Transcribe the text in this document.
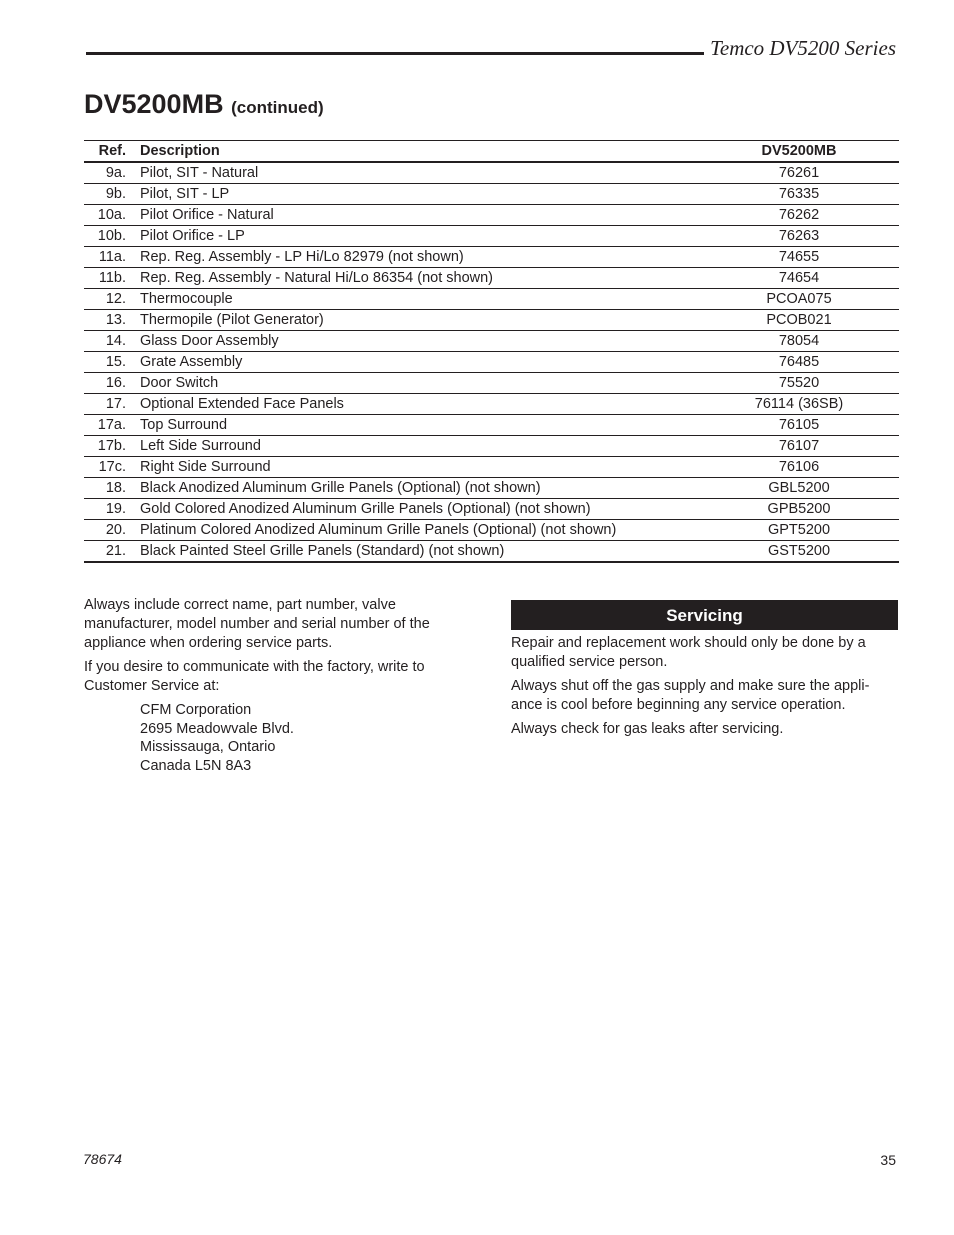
Temco DV5200 Series
DV5200MB (continued)
Ref.	Description	DV5200MB
9a.	Pilot, SIT - Natural	76261
9b.	Pilot, SIT - LP	76335
10a.	Pilot Orifice - Natural	76262
10b.	Pilot Orifice - LP	76263
11a.	Rep. Reg. Assembly - LP Hi/Lo 82979 (not shown)	74655
11b.	Rep. Reg. Assembly - Natural Hi/Lo 86354 (not shown)	74654
12.	Thermocouple	PCOA075
13.	Thermopile (Pilot Generator)	PCOB021
14.	Glass Door Assembly	78054
15.	Grate Assembly	76485
16.	Door Switch	75520
17.	Optional Extended Face Panels	76114 (36SB)
17a.	Top Surround	76105
17b.	Left Side Surround	76107
17c.	Right Side Surround	76106
18.	Black Anodized Aluminum Grille Panels (Optional) (not shown)	GBL5200
19.	Gold Colored Anodized Aluminum Grille Panels (Optional) (not shown)	GPB5200
20.	Platinum Colored Anodized Aluminum Grille Panels (Optional) (not shown)	GPT5200
21.	Black Painted Steel Grille Panels (Standard) (not shown)	GST5200

Always include correct name, part number, valve manufacturer, model number and serial number of the appliance when ordering service parts.

If you desire to communicate with the factory, write to Customer Service at:

CFM Corporation
2695 Meadowvale Blvd.
Mississauga, Ontario
Canada L5N 8A3
Servicing

Repair and replacement work should only be done by a qualified service person.

Always shut off the gas supply and make sure the appli-ance is cool before beginning any service operation.

Always check for gas leaks after servicing.

78674	35
